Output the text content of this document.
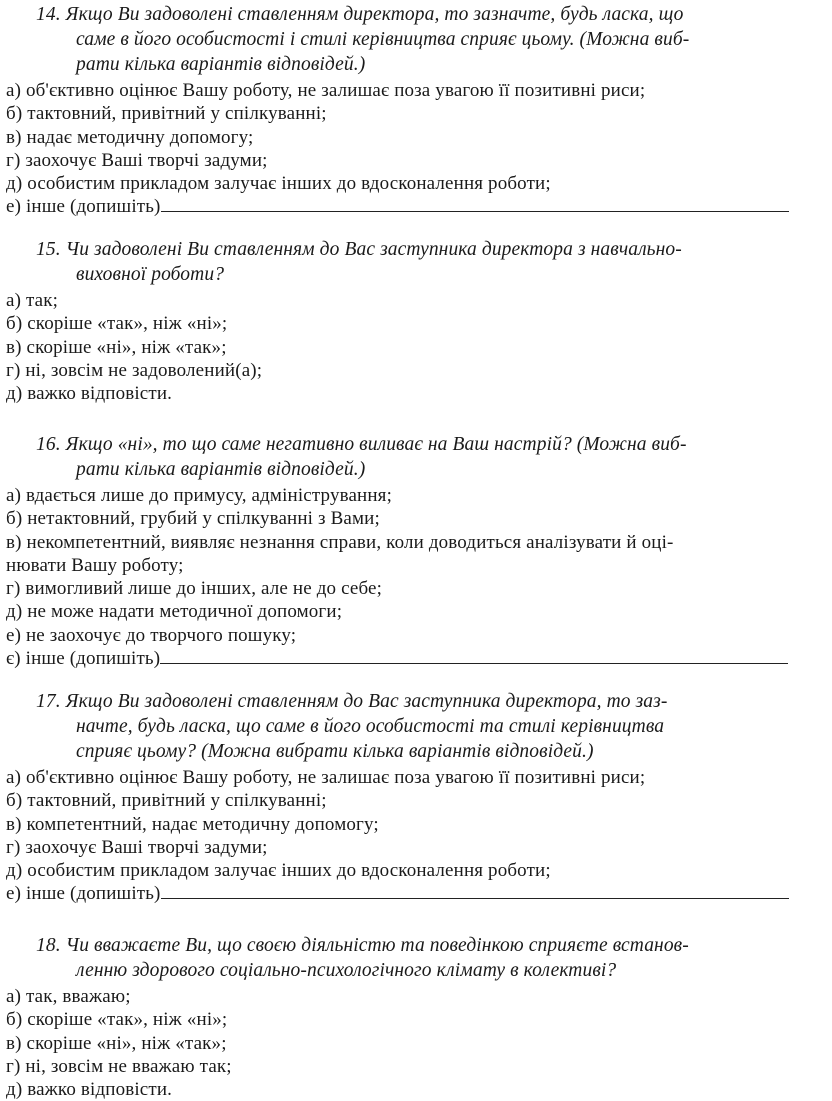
14. Якщо Ви задоволені ставленням директора, то зазначте, будь ласка, що
саме в його особистості і стилі керівництва сприяє цьому. (Можна виб-
рати кілька варіантів відповідей.)
а) об'єктивно оцінює Вашу роботу, не залишає поза увагою її позитивні риси;
б) тактовний, привітний у спілкуванні;
в) надає методичну допомогу;
г) заохочує Ваші творчі задуми;
д) особистим прикладом залучає інших до вдосконалення роботи;
е) інше (допишіть)
15. Чи задоволені Ви ставленням до Вас заступника директора з навчально-
виховної роботи?
а) так;
б) скоріше «так», ніж «ні»;
в) скоріше «ні», ніж «так»;
г) ні, зовсім не задоволений(а);
д) важко відповісти.
16. Якщо «ні», то що саме негативно виливає на Ваш настрій? (Можна виб-
рати кілька варіантів відповідей.)
а) вдається лише до примусу, адміністрування;
б) нетактовний, грубий у спілкуванні з Вами;
в) некомпетентний, виявляє незнання справи, коли доводиться аналізувати й оці-
нювати Вашу роботу;
г) вимогливий лише до інших, але не до себе;
д) не може надати методичної допомоги;
е) не заохочує до творчого пошуку;
є) інше (допишіть)
17. Якщо Ви задоволені ставленням до Вас заступника директора, то заз-
начте, будь ласка, що саме в його особистості та стилі керівництва
сприяє цьому? (Можна вибрати кілька варіантів відповідей.)
а) об'єктивно оцінює Вашу роботу, не залишає поза увагою її позитивні риси;
б) тактовний, привітний у спілкуванні;
в) компетентний, надає методичну допомогу;
г) заохочує Ваші творчі задуми;
д) особистим прикладом залучає інших до вдосконалення роботи;
е) інше (допишіть)
18. Чи вважаєте Ви, що своєю діяльністю та поведінкою сприяєте встанов-
ленню здорового соціально-психологічного клімату в колективі?
а) так, вважаю;
б) скоріше «так», ніж «ні»;
в) скоріше «ні», ніж «так»;
г) ні, зовсім не вважаю так;
д) важко відповісти.
